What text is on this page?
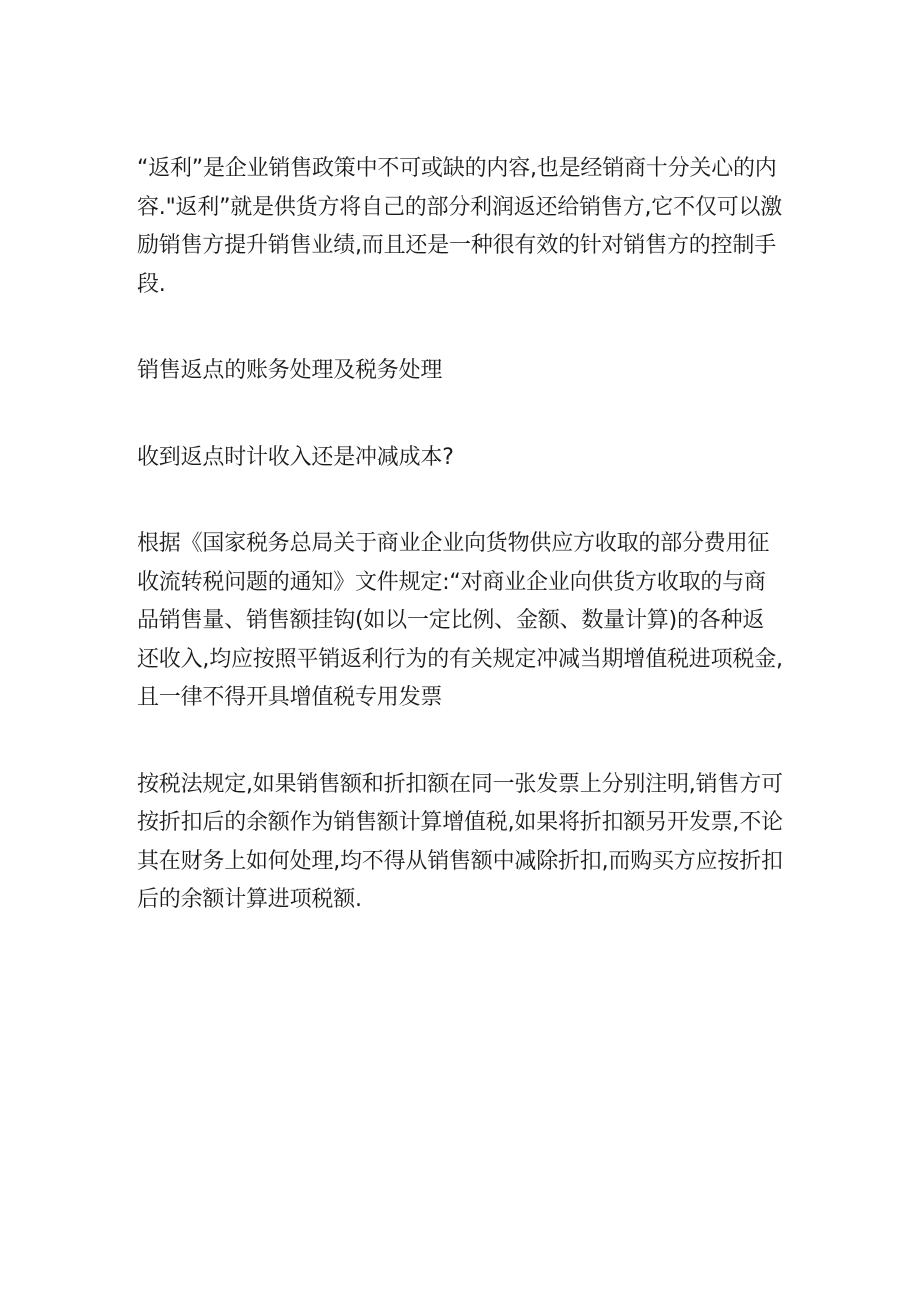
“返利”是企业销售政策中不可或缺的内容,也是经销商十分关心的内容."返利”就是供货方将自己的部分利润返还给销售方,它不仅可以激励销售方提升销售业绩,而且还是一种很有效的针对销售方的控制手段.

销售返点的账务处理及税务处理

收到返点时计收入还是冲减成本?

根据《国家税务总局关于商业企业向货物供应方收取的部分费用征收流转税问题的通知》文件规定:“对商业企业向供货方收取的与商品销售量、销售额挂钩(如以一定比例、金额、数量计算)的各种返还收入,均应按照平销返利行为的有关规定冲减当期增值税进项税金,且一律不得开具增值税专用发票

按税法规定,如果销售额和折扣额在同一张发票上分别注明,销售方可按折扣后的余额作为销售额计算增值税,如果将折扣额另开发票,不论其在财务上如何处理,均不得从销售额中减除折扣,而购买方应按折扣后的余额计算进项税额.
